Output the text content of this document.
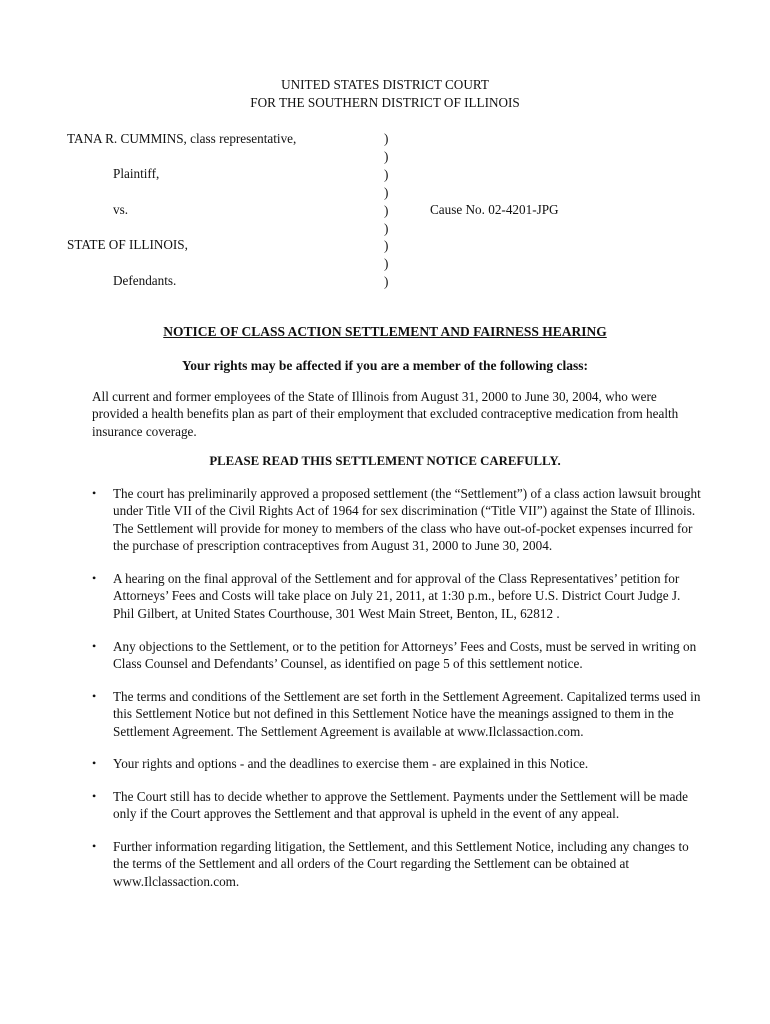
UNITED STATES DISTRICT COURT
FOR THE SOUTHERN DISTRICT OF ILLINOIS
TANA R. CUMMINS, class representative,
Plaintiff,
vs.
STATE OF ILLINOIS,
Defendants.
Cause No. 02-4201-JPG
)
)
)
)
)
)
)
)
)
NOTICE OF CLASS ACTION SETTLEMENT AND FAIRNESS HEARING
Your rights may be affected if you are a member of the following class:
All current and former employees of the State of Illinois from August 31, 2000 to June 30, 2004, who were provided a health benefits plan as part of their employment that excluded contraceptive medication from health insurance coverage.
PLEASE READ THIS SETTLEMENT NOTICE CAREFULLY.
• The court has preliminarily approved a proposed settlement (the “Settlement”) of a class action lawsuit brought under Title VII of the Civil Rights Act of 1964 for sex discrimination (“Title VII”) against the State of Illinois. The Settlement will provide for money to members of the class who have out-of-pocket expenses incurred for the purchase of prescription contraceptives from August 31, 2000 to June 30, 2004.
• A hearing on the final approval of the Settlement and for approval of the Class Representatives’ petition for Attorneys’ Fees and Costs will take place on July 21, 2011, at 1:30 p.m., before U.S. District Court Judge J. Phil Gilbert, at United States Courthouse, 301 West Main Street, Benton, IL, 62812 .
• Any objections to the Settlement, or to the petition for Attorneys’ Fees and Costs, must be served in writing on Class Counsel and Defendants’ Counsel, as identified on page 5 of this settlement notice.
• The terms and conditions of the Settlement are set forth in the Settlement Agreement. Capitalized terms used in this Settlement Notice but not defined in this Settlement Notice have the meanings assigned to them in the Settlement Agreement. The Settlement Agreement is available at www.Ilclassaction.com.
• Your rights and options - and the deadlines to exercise them - are explained in this Notice.
• The Court still has to decide whether to approve the Settlement. Payments under the Settlement will be made only if the Court approves the Settlement and that approval is upheld in the event of any appeal.
• Further information regarding litigation, the Settlement, and this Settlement Notice, including any changes to the terms of the Settlement and all orders of the Court regarding the Settlement can be obtained at www.Ilclassaction.com.
